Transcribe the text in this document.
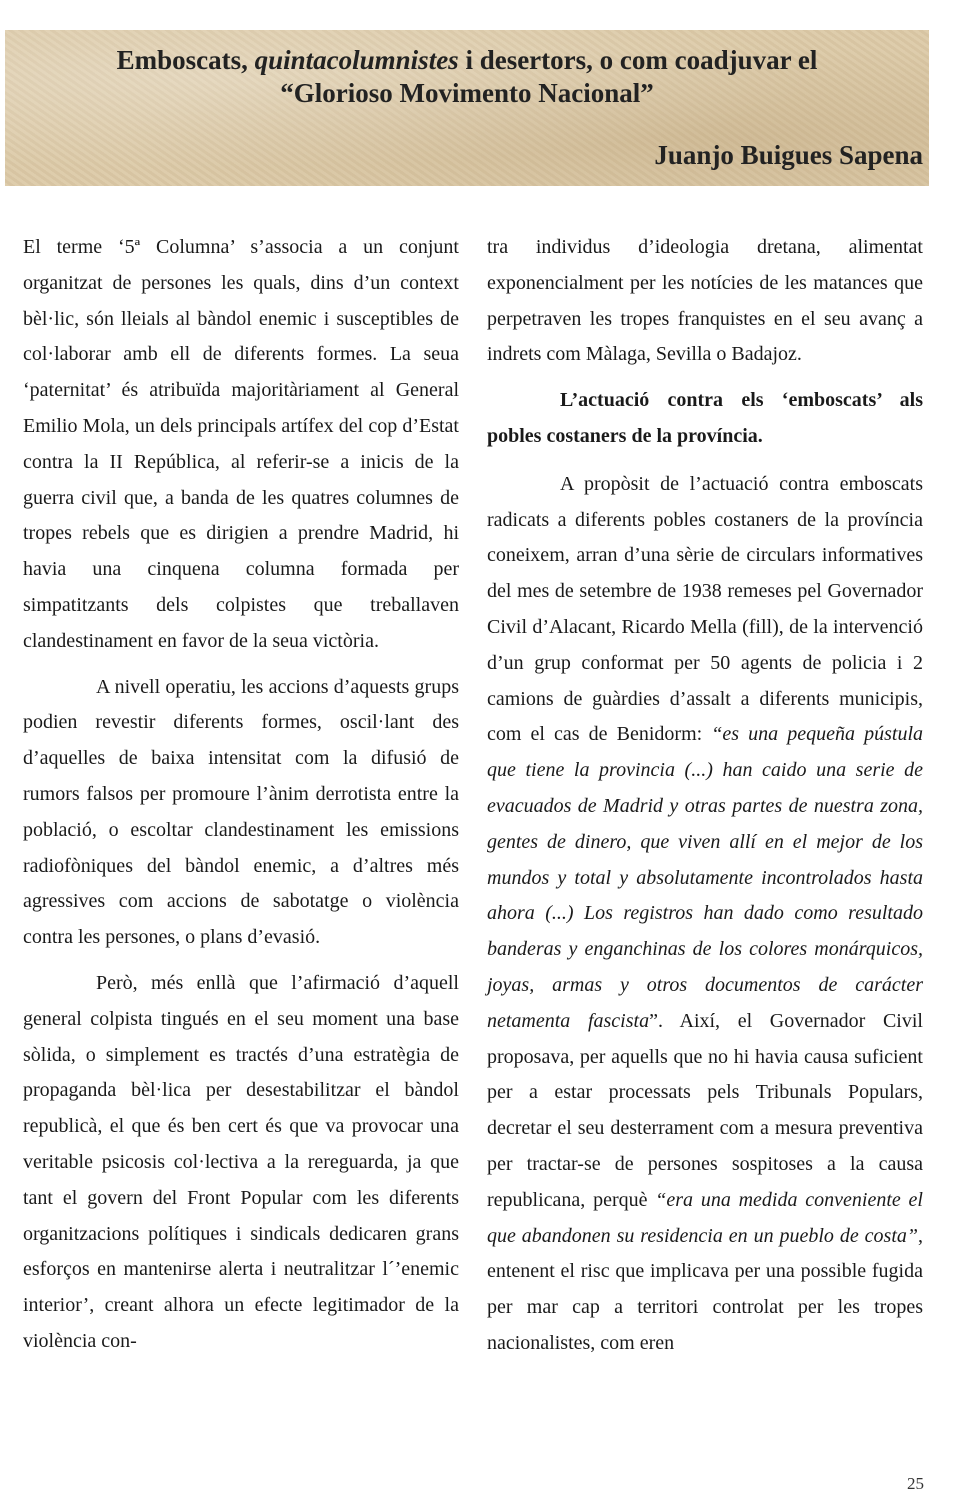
Emboscats, quintacolumnistes i desertors, o com coadjuvar el
“Glorioso Movimento Nacional”

Juanjo Buigues Sapena

El terme ‘5ª Columna’ s’associa a un conjunt organitzat de persones les quals, dins d’un context bèl·lic, són lleials al bàndol enemic i susceptibles de col·laborar amb ell de diferents formes. La seua ‘paternitat’ és atribuïda majoritàriament al General Emilio Mola, un dels principals artífex del cop d’Estat contra la II República, al referir-se a inicis de la guerra civil que, a banda de les quatres columnes de tropes rebels que es dirigien a prendre Madrid, hi havia una cinquena columna formada per simpatitzants dels colpistes que treballaven clandestinament en favor de la seua victòria.

A nivell operatiu, les accions d’aquests grups podien revestir diferents formes, oscil·lant des d’aquelles de baixa intensitat com la difusió de rumors falsos per promoure l’ànim derrotista entre la població, o escoltar clandestinament les emissions radiofòniques del bàndol enemic, a d’altres més agressives com accions de sabotatge o violència contra les persones, o plans d’evasió.

Però, més enllà que l’afirmació d’aquell general colpista tingués en el seu moment una base sòlida, o simplement es tractés d’una estratègia de propaganda bèl·lica per desestabilitzar el bàndol republicà, el que és ben cert és que va provocar una veritable psicosis col·lectiva a la rereguarda, ja que tant el govern del Front Popular com les diferents organitzacions polítiques i sindicals dedicaren grans esforços en mantenirse alerta i neutralitzar l´’enemic interior’, creant alhora un efecte legitimador de la violència con-

tra individus d’ideologia dretana, alimentat exponencialment per les notícies de les matances que perpetraven les tropes franquistes en el seu avanç a indrets com Màlaga, Sevilla o Badajoz.

L’actuació contra els ‘emboscats’ als pobles costaners de la província.

A propòsit de l’actuació contra emboscats radicats a diferents pobles costaners de la província coneixem, arran d’una sèrie de circulars informatives del mes de setembre de 1938 remeses pel Governador Civil d’Alacant, Ricardo Mella (fill), de la intervenció d’un grup conformat per 50 agents de policia i 2 camions de guàrdies d’assalt a diferents municipis, com el cas de Benidorm: “es una pequeña pústula que tiene la provincia (...) han caido una serie de evacuados de Madrid y otras partes de nuestra zona, gentes de dinero, que viven allí en el mejor de los mundos y total y absolutamente incontrolados hasta ahora (...) Los registros han dado como resultado banderas y enganchinas de los colores monárquicos, joyas, armas y otros documentos de carácter netamenta fascista”. Així, el Governador Civil proposava, per aquells que no hi havia causa suficient per a estar processats pels Tribunals Populars, decretar el seu desterrament com a mesura preventiva per tractar-se de persones sospitoses a la causa republicana, perquè “era una medida conveniente el que abandonen su residencia en un pueblo de costa”, entenent el risc que implicava per una possible fugida per mar cap a territori controlat per les tropes nacionalistes, com eren

25
